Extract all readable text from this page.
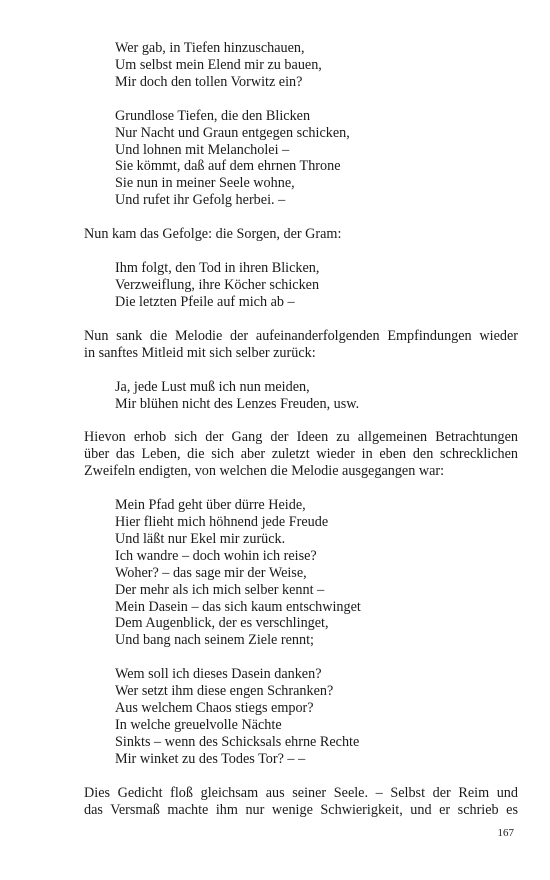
Wer gab, in Tiefen hinzuschauen,
Um selbst mein Elend mir zu bauen,
Mir doch den tollen Vorwitz ein?
Grundlose Tiefen, die den Blicken
Nur Nacht und Graun entgegen schicken,
Und lohnen mit Melancholei –
Sie kömmt, daß auf dem ehrnen Throne
Sie nun in meiner Seele wohne,
Und rufet ihr Gefolg herbei. –
Nun kam das Gefolge: die Sorgen, der Gram:
Ihm folgt, den Tod in ihren Blicken,
Verzweiflung, ihre Köcher schicken
Die letzten Pfeile auf mich ab –
Nun sank die Melodie der aufeinanderfolgenden Empfindungen wieder
in sanftes Mitleid mit sich selber zurück:
Ja, jede Lust muß ich nun meiden,
Mir blühen nicht des Lenzes Freuden, usw.
Hievon erhob sich der Gang der Ideen zu allgemeinen Betrachtungen
über das Leben, die sich aber zuletzt wieder in eben den schrecklichen
Zweifeln endigten, von welchen die Melodie ausgegangen war:
Mein Pfad geht über dürre Heide,
Hier flieht mich höhnend jede Freude
Und läßt nur Ekel mir zurück.
Ich wandre – doch wohin ich reise?
Woher? – das sage mir der Weise,
Der mehr als ich mich selber kennt –
Mein Dasein – das sich kaum entschwinget
Dem Augenblick, der es verschlinget,
Und bang nach seinem Ziele rennt;
Wem soll ich dieses Dasein danken?
Wer setzt ihm diese engen Schranken?
Aus welchem Chaos stiegs empor?
In welche greuelvolle Nächte
Sinkts – wenn des Schicksals ehrne Rechte
Mir winket zu des Todes Tor? – –
Dies Gedicht floß gleichsam aus seiner Seele. – Selbst der Reim und
das Versmaß machte ihm nur wenige Schwierigkeit, und er schrieb es
167
